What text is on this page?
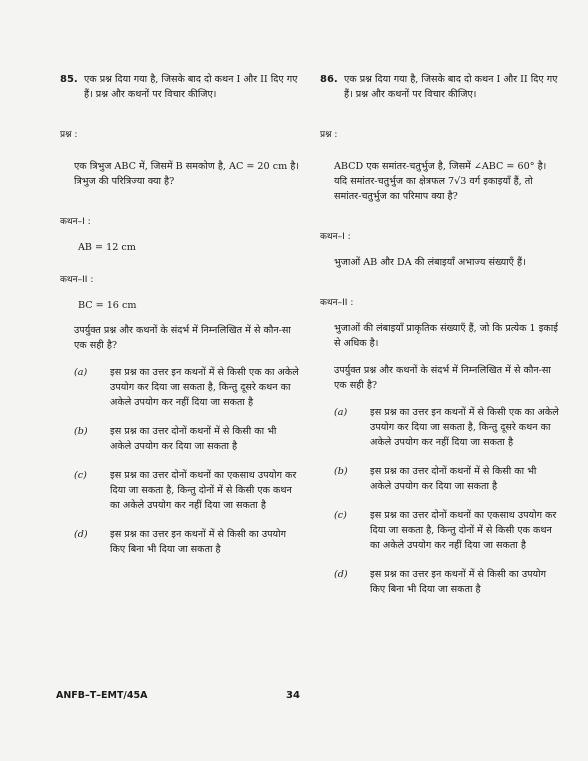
85. एक प्रश्न दिया गया है, जिसके बाद दो कथन I और II दिए गए हैं। प्रश्न और कथनों पर विचार कीजिए।
प्रश्न :
एक त्रिभुज ABC में, जिसमें B समकोण है, AC = 20 cm है। त्रिभुज की परित्रिज्या क्या है?
कथन–I :
AB = 12 cm
कथन–II :
BC = 16 cm
उपर्युक्त प्रश्न और कथनों के संदर्भ में निम्नलिखित में से कौन-सा एक सही है?
(a)	इस प्रश्न का उत्तर इन कथनों में से किसी एक का अकेले उपयोग कर दिया जा सकता है, किन्तु दूसरे कथन का अकेले उपयोग कर नहीं दिया जा सकता है
(b)	इस प्रश्न का उत्तर दोनों कथनों में से किसी का भी अकेले उपयोग कर दिया जा सकता है
(c)	इस प्रश्न का उत्तर दोनों कथनों का एकसाथ उपयोग कर दिया जा सकता है, किन्तु दोनों में से किसी एक कथन का अकेले उपयोग कर नहीं दिया जा सकता है
(d)	इस प्रश्न का उत्तर इन कथनों में से किसी का उपयोग किए बिना भी दिया जा सकता है
86. एक प्रश्न दिया गया है, जिसके बाद दो कथन I और II दिए गए हैं। प्रश्न और कथनों पर विचार कीजिए।
प्रश्न :
ABCD एक समांतर-चतुर्भुज है, जिसमें ∠ABC = 60° है। यदि समांतर-चतुर्भुज का क्षेत्रफल 7√3 वर्ग इकाइयाँ हैं, तो समांतर-चतुर्भुज का परिमाप क्या है?
कथन–I :
भुजाओं AB और DA की लंबाइयाँ अभाज्य संख्याएँ हैं।
कथन–II :
भुजाओं की लंबाइयाँ प्राकृतिक संख्याएँ हैं, जो कि प्रत्येक 1 इकाई से अधिक है।
उपर्युक्त प्रश्न और कथनों के संदर्भ में निम्नलिखित में से कौन-सा एक सही है?
(a)	इस प्रश्न का उत्तर इन कथनों में से किसी एक का अकेले उपयोग कर दिया जा सकता है, किन्तु दूसरे कथन का अकेले उपयोग कर नहीं दिया जा सकता है
(b)	इस प्रश्न का उत्तर दोनों कथनों में से किसी का भी अकेले उपयोग कर दिया जा सकता है
(c)	इस प्रश्न का उत्तर दोनों कथनों का एकसाथ उपयोग कर दिया जा सकता है, किन्तु दोनों में से किसी एक कथन का अकेले उपयोग कर नहीं दिया जा सकता है
(d)	इस प्रश्न का उत्तर इन कथनों में से किसी का उपयोग किए बिना भी दिया जा सकता है
ANFB–T–EMT/45A	34
